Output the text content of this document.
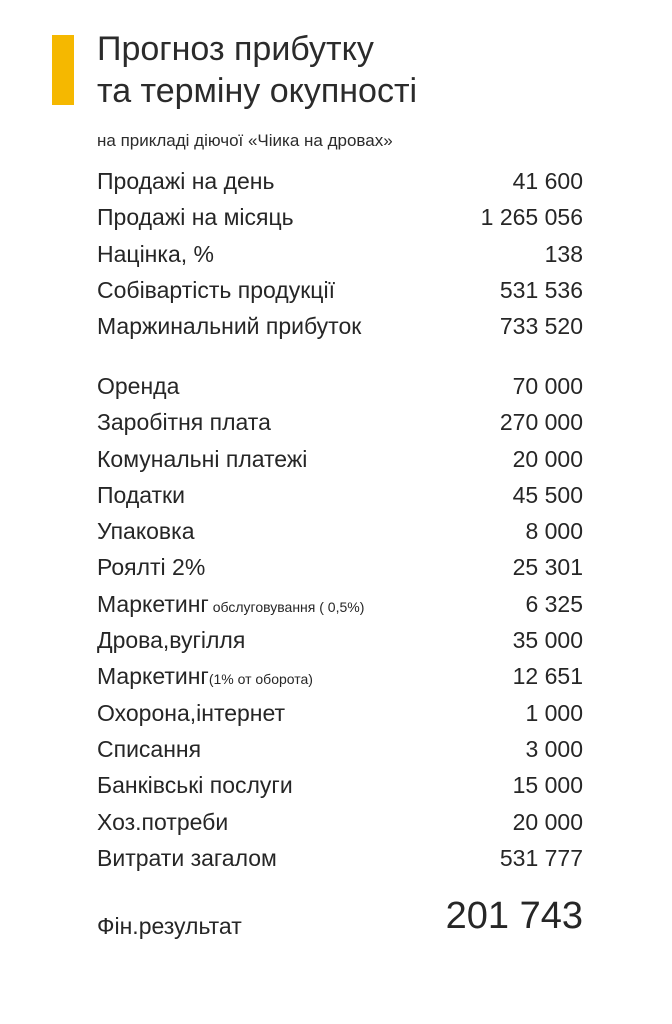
Прогноз прибутку
та терміну окупності
на прикладі діючої «Чіика на дровах»
Продажі на день	41 600
Продажі на місяць	1 265 056
Націнка, %	138
Собівартість продукції	531 536
Маржинальний прибуток	733 520
Оренда	70 000
Заробітня плата	270 000
Комунальні платежі	20 000
Податки	45 500
Упаковка	8 000
Роялті 2%	25 301
Маркетинг обслуговування ( 0,5%)	6 325
Дрова,вугілля	35 000
Маркетинг(1% от оборота)	12 651
Охорона,інтернет	1 000
Списання	3 000
Банківські послуги	15 000
Хоз.потреби	20 000
Витрати загалом	531 777
Фін.результат	201 743
